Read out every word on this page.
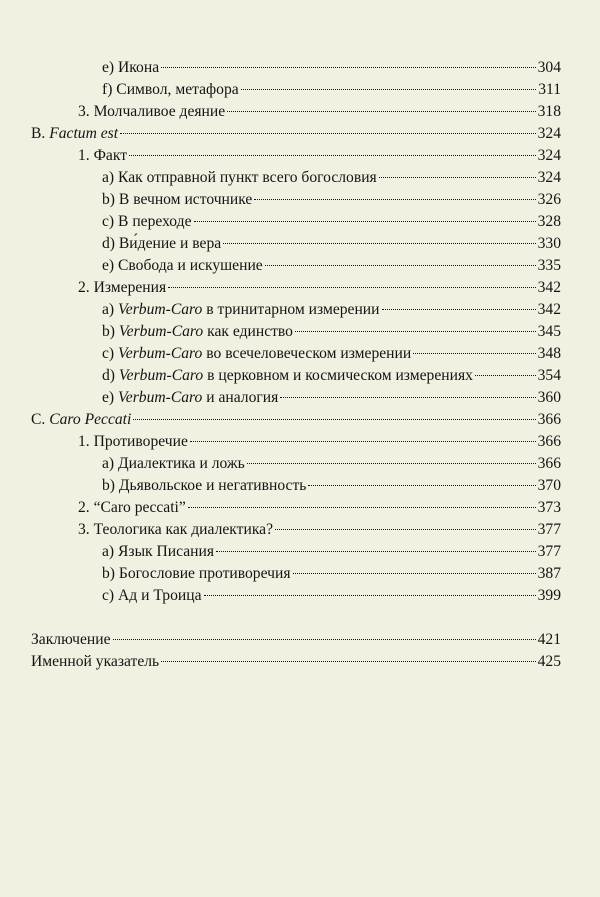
e) Икона	304
f) Символ, метафора	311
3. Молчаливое деяние	318
B. Factum est	324
1. Факт	324
a) Как отправной пункт всего богословия	324
b) В вечном источнике	326
c) В переходе	328
d) Ви́дение и вера	330
e) Свобода и искушение	335
2. Измерения	342
a) Verbum-Caro в тринитарном измерении	342
b) Verbum-Caro как единство	345
c) Verbum-Caro во всечеловеческом измерении	348
d) Verbum-Caro в церковном и космическом измерениях	354
e) Verbum-Caro и аналогия	360
C. Caro Peccati	366
1. Противоречие	366
a) Диалектика и ложь	366
b) Дьявольское и негативность	370
2. “Caro peccati”	373
3. Теологика как диалектика?	377
a) Язык Писания	377
b) Богословие противоречия	387
c) Ад и Троица	399
Заключение	421
Именной указатель	425
